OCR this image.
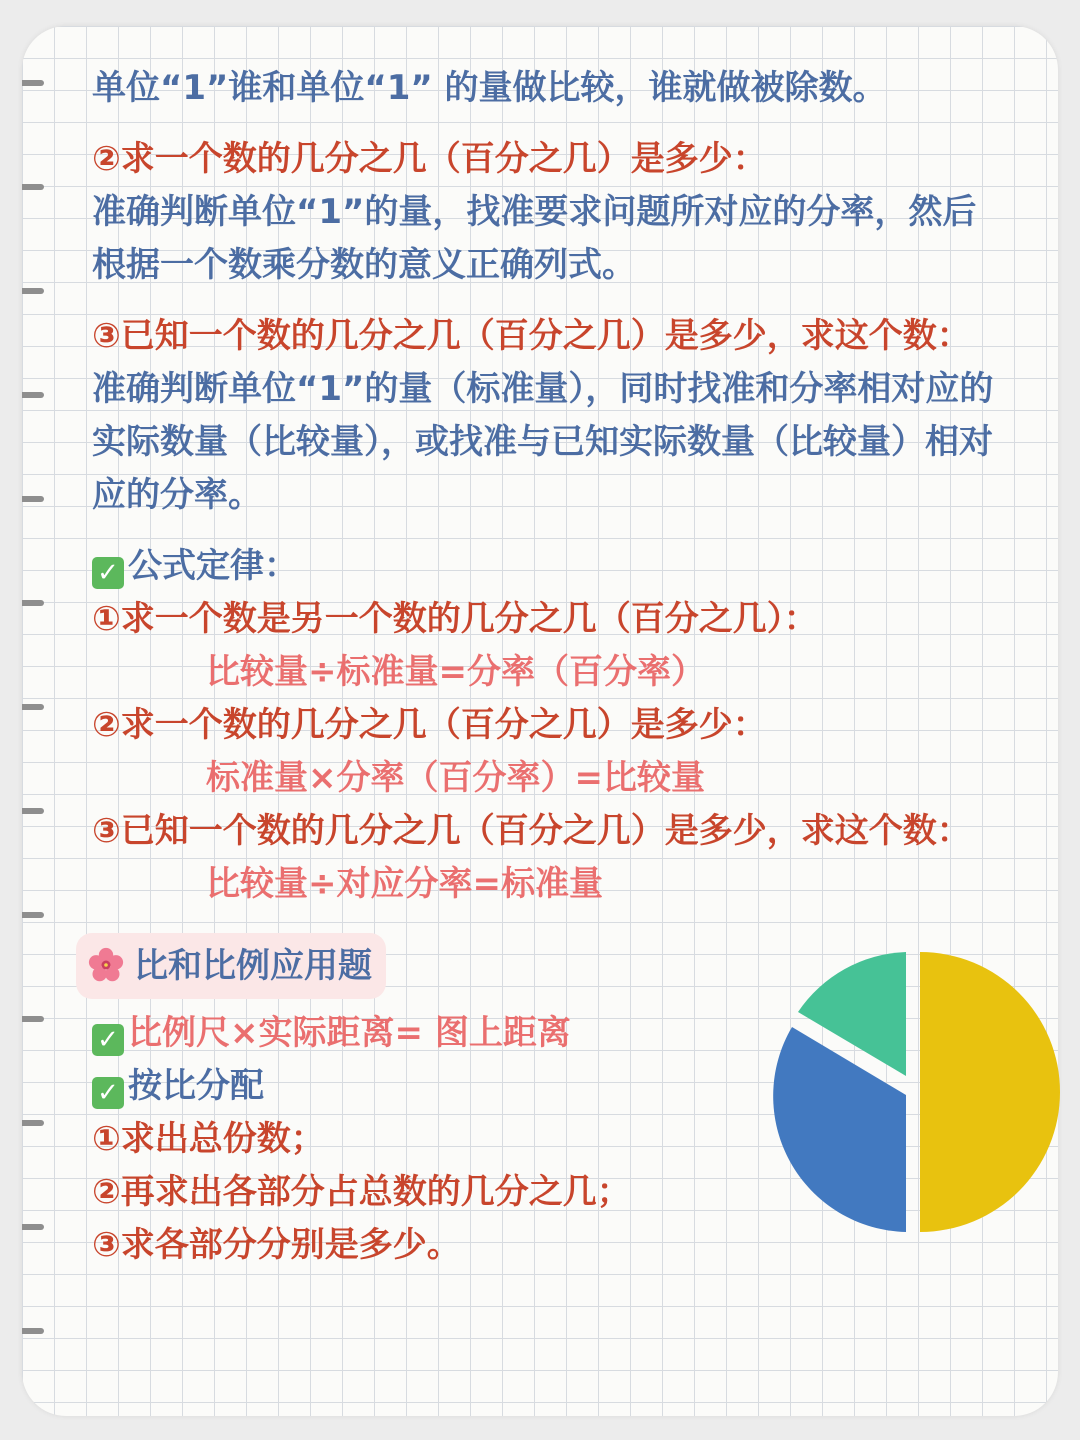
单位“1”谁和单位“1” 的量做比较，谁就做被除数。

②求一个数的几分之几（百分之几）是多少：

准确判断单位“1”的量，找准要求问题所对应的分率，然后根据一个数乘分数的意义正确列式。

③已知一个数的几分之几（百分之几）是多少，求这个数：

准确判断单位“1”的量（标准量），同时找准和分率相对应的实际数量（比较量），或找准与已知实际数量（比较量）相对应的分率。

✓ 公式定律：

①求一个数是另一个数的几分之几（百分之几）：

比较量÷标准量=分率（百分率）

②求一个数的几分之几（百分之几）是多少：

标准量×分率（百分率）=比较量

③已知一个数的几分之几（百分之几）是多少，求这个数：

比较量÷对应分率=标准量

比和比例应用题

✓ 比例尺×实际距离= 图上距离

✓ 按比分配

①求出总份数；

②再求出各部分占总数的几分之几；

③求各部分分别是多少。
